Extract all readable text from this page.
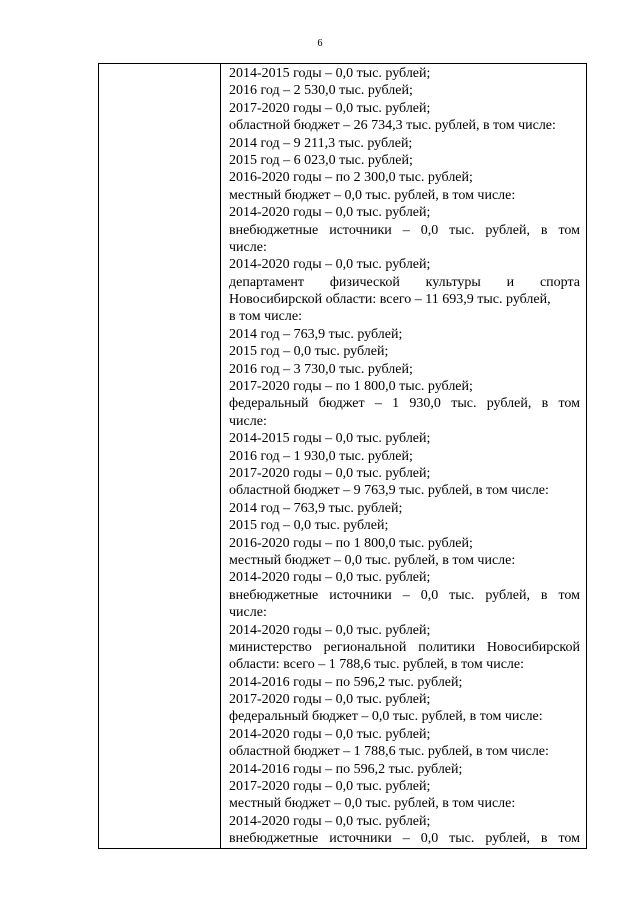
6

2014-2015 годы – 0,0 тыс. рублей;
2016 год – 2 530,0 тыс. рублей;
2017-2020 годы – 0,0 тыс. рублей;
областной бюджет – 26 734,3 тыс. рублей, в том числе:
2014 год – 9 211,3 тыс. рублей;
2015 год – 6 023,0 тыс. рублей;
2016-2020 годы – по 2 300,0 тыс. рублей;
местный бюджет – 0,0 тыс. рублей, в том числе:
2014-2020 годы – 0,0 тыс. рублей;
внебюджетные источники – 0,0 тыс. рублей, в том
числе:
2014-2020 годы – 0,0 тыс. рублей;
департамент физической культуры и спорта
Новосибирской области: всего – 11 693,9 тыс. рублей,
в том числе:
2014 год – 763,9 тыс. рублей;
2015 год – 0,0 тыс. рублей;
2016 год – 3 730,0 тыс. рублей;
2017-2020 годы – по 1 800,0 тыс. рублей;
федеральный бюджет – 1 930,0 тыс. рублей, в том
числе:
2014-2015 годы – 0,0 тыс. рублей;
2016 год – 1 930,0 тыс. рублей;
2017-2020 годы – 0,0 тыс. рублей;
областной бюджет – 9 763,9 тыс. рублей, в том числе:
2014 год – 763,9 тыс. рублей;
2015 год – 0,0 тыс. рублей;
2016-2020 годы – по 1 800,0 тыс. рублей;
местный бюджет – 0,0 тыс. рублей, в том числе:
2014-2020 годы – 0,0 тыс. рублей;
внебюджетные источники – 0,0 тыс. рублей, в том
числе:
2014-2020 годы – 0,0 тыс. рублей;
министерство региональной политики Новосибирской
области: всего – 1 788,6 тыс. рублей, в том числе:
2014-2016 годы – по 596,2 тыс. рублей;
2017-2020 годы – 0,0 тыс. рублей;
федеральный бюджет – 0,0 тыс. рублей, в том числе:
2014-2020 годы – 0,0 тыс. рублей;
областной бюджет – 1 788,6 тыс. рублей, в том числе:
2014-2016 годы – по 596,2 тыс. рублей;
2017-2020 годы – 0,0 тыс. рублей;
местный бюджет – 0,0 тыс. рублей, в том числе:
2014-2020 годы – 0,0 тыс. рублей;
внебюджетные источники – 0,0 тыс. рублей, в том
